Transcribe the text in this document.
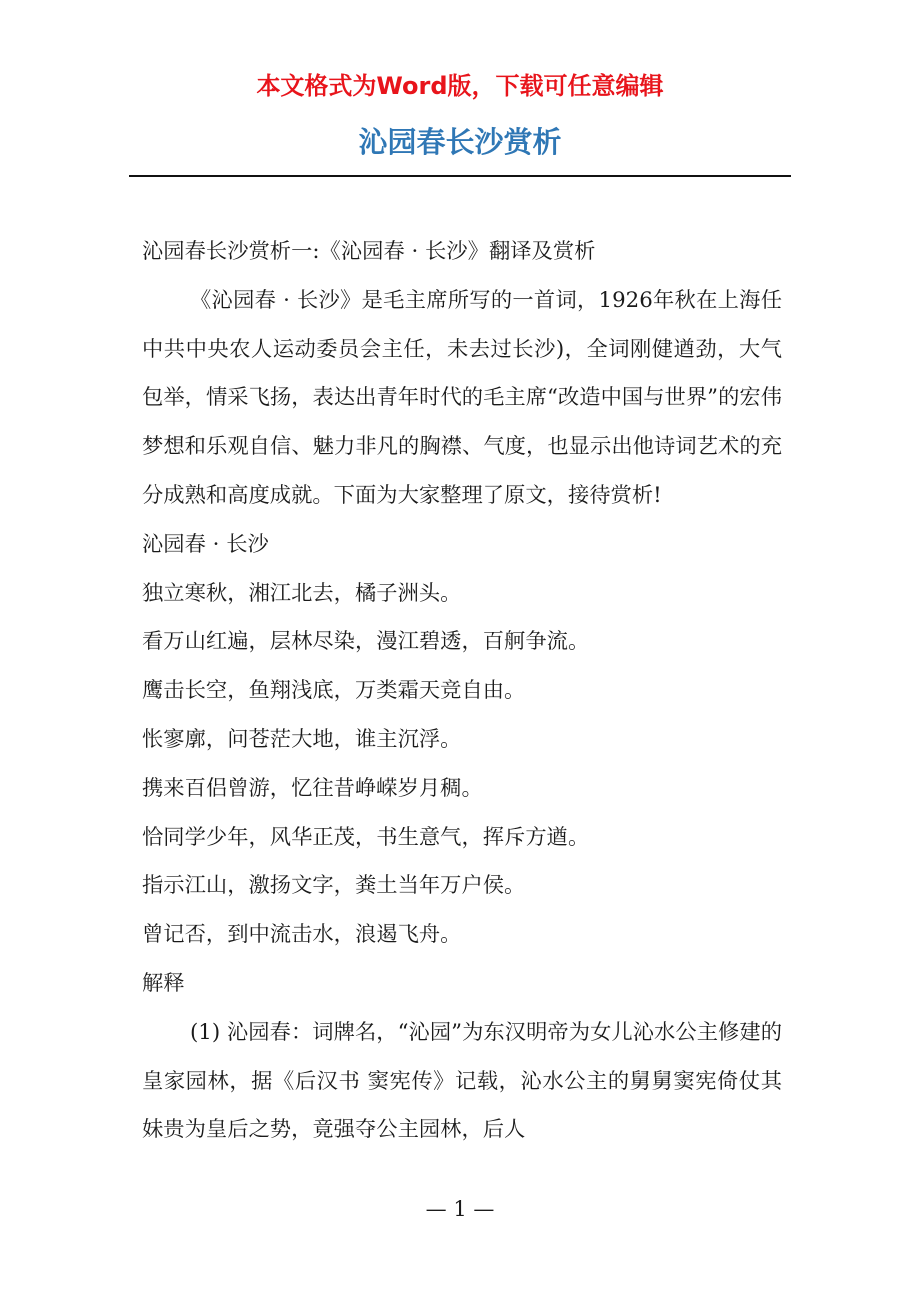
本文格式为Word版，下载可任意编辑
沁园春长沙赏析

沁园春长沙赏析一:《沁园春 · 长沙》翻译及赏析

《沁园春 · 长沙》是毛主席所写的一首词，1926年秋在上海任中共中央农人运动委员会主任，未去过长沙)，全词刚健遒劲，大气包举，情采飞扬，表达出青年时代的毛主席“改造中国与世界”的宏伟梦想和乐观自信、魅力非凡的胸襟、气度，也显示出他诗词艺术的充分成熟和高度成就。下面为大家整理了原文，接待赏析!

沁园春 · 长沙

独立寒秋，湘江北去，橘子洲头。

看万山红遍，层林尽染，漫江碧透，百舸争流。

鹰击长空，鱼翔浅底，万类霜天竞自由。

怅寥廓，问苍茫大地，谁主沉浮。

携来百侣曾游，忆往昔峥嵘岁月稠。

恰同学少年，风华正茂，书生意气，挥斥方遒。

指示江山，激扬文字，粪土当年万户侯。

曾记否，到中流击水，浪遏飞舟。

解释

(1) 沁园春：词牌名，“沁园”为东汉明帝为女儿沁水公主修建的皇家园林，据《后汉书 窦宪传》记载，沁水公主的舅舅窦宪倚仗其妹贵为皇后之势，竟强夺公主园林，后人

— 1 —
